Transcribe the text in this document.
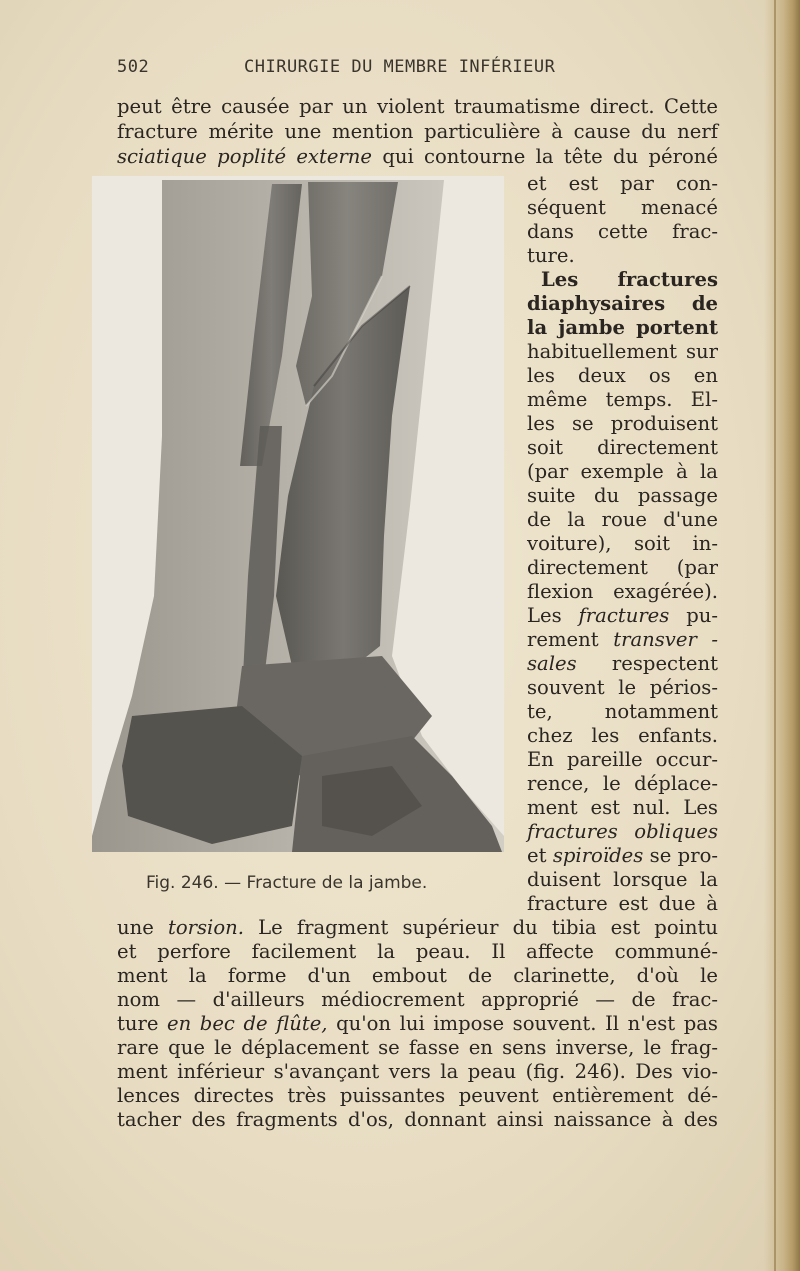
502	CHIRURGIE DU MEMBRE INFÉRIEUR
peut être causée par un violent traumatisme direct. Cette
fracture mérite une mention particulière à cause du nerf
sciatique poplité externe qui contourne la tête du péroné
et est par con-
séquent menacé
dans cette frac-
ture.
Les fractures
diaphysaires de
la jambe portent
habituellement sur
les deux os en
même temps. El-
les se produisent
soit directement
(par exemple à la
suite du passage
de la roue d'une
voiture), soit in-
directement (par
flexion exagérée).
Les fractures pu-
rement transver -
sales respectent
souvent le périos-
te, notamment
chez les enfants.
En pareille occur-
rence, le déplace-
ment est nul. Les
fractures obliques
et spiroïdes se pro-
duisent lorsque la
fracture est due à
Fig. 246. — Fracture de la jambe.
une torsion. Le fragment supérieur du tibia est pointu
et perfore facilement la peau. Il affecte communé-
ment la forme d'un embout de clarinette, d'où le
nom — d'ailleurs médiocrement approprié — de frac-
ture en bec de flûte, qu'on lui impose souvent. Il n'est pas
rare que le déplacement se fasse en sens inverse, le frag-
ment inférieur s'avançant vers la peau (fig. 246). Des vio-
lences directes très puissantes peuvent entièrement dé-
tacher des fragments d'os, donnant ainsi naissance à des
